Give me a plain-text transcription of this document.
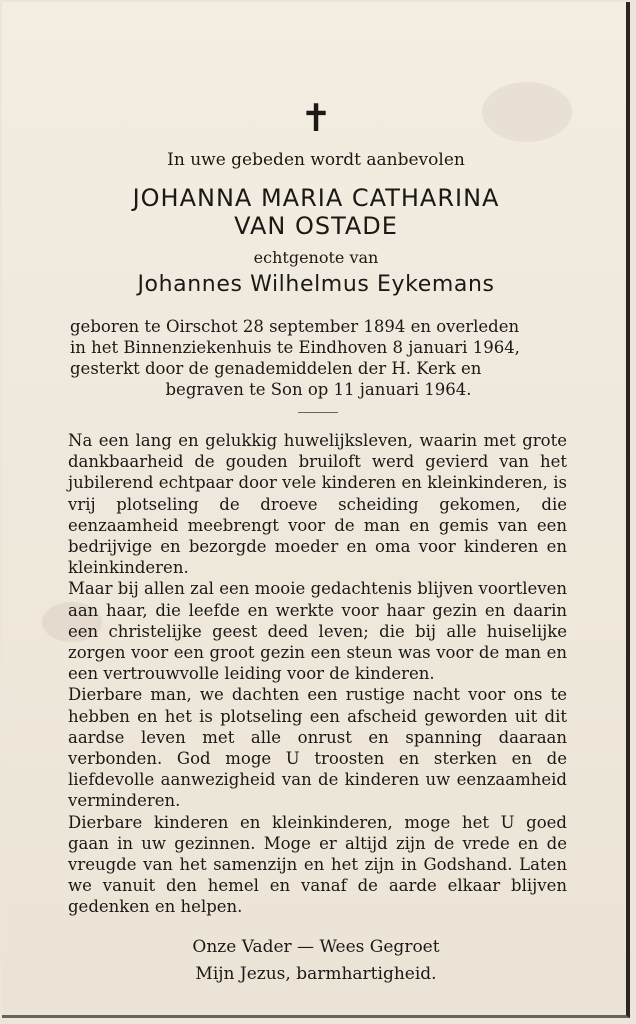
✝
In uwe gebeden wordt aanbevolen
JOHANNA MARIA CATHARINA
VAN OSTADE
echtgenote van
Johannes Wilhelmus Eykemans
geboren te Oirschot 28 september 1894 en overleden
in het Binnenziekenhuis te Eindhoven 8 januari 1964,
gesterkt door de genademiddelen der H. Kerk en
begraven te Son op 11 januari 1964.

Na een lang en gelukkig huwelijksleven, waarin met grote dankbaarheid de gouden bruiloft werd gevierd van het jubilerend echtpaar door vele kinderen en kleinkinderen, is vrij plotseling de droeve scheiding gekomen, die eenzaamheid meebrengt voor de man en gemis van een bedrijvige en bezorgde moeder en oma voor kinderen en kleinkinderen.

Maar bij allen zal een mooie gedachtenis blijven voortleven aan haar, die leefde en werkte voor haar gezin en daarin een christelijke geest deed leven; die bij alle huiselijke zorgen voor een groot gezin een steun was voor de man en een vertrouwvolle leiding voor de kinderen.

Dierbare man, we dachten een rustige nacht voor ons te hebben en het is plotseling een afscheid geworden uit dit aardse leven met alle onrust en spanning daaraan verbonden. God moge U troosten en sterken en de liefdevolle aanwezigheid van de kinderen uw eenzaamheid verminderen.

Dierbare kinderen en kleinkinderen, moge het U goed gaan in uw gezinnen. Moge er altijd zijn de vrede en de vreugde van het samenzijn en het zijn in Godshand. Laten we vanuit den hemel en vanaf de aarde elkaar blijven gedenken en helpen.

Onze Vader — Wees Gegroet
Mijn Jezus, barmhartigheid.
